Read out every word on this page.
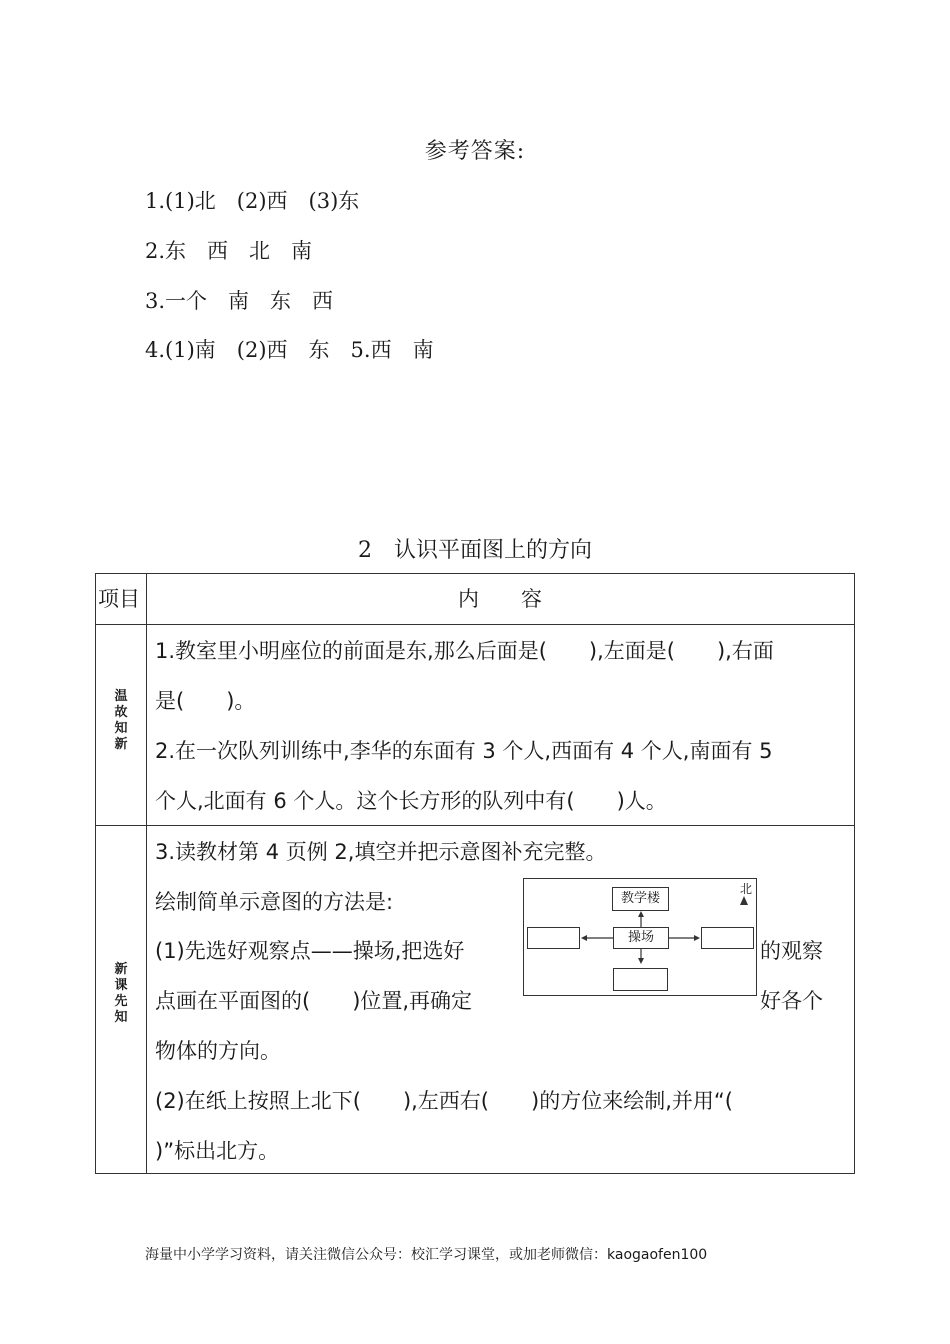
参考答案:
1.(1)北　(2)西　(3)东
2.东　西　北　南
3.一个　南　东　西
4.(1)南　(2)西　东　5.西　南
2　认识平面图上的方向
项目	内　　容
温
故
知
新
1.教室里小明座位的前面是东,那么后面是(　　),左面是(　　),右面
是(　　)。
2.在一次队列训练中,李华的东面有 3 个人,西面有 4 个人,南面有 5
个人,北面有 6 个人。这个长方形的队列中有(　　)人。
新
课
先
知
3.读教材第 4 页例 2,填空并把示意图补充完整。
绘制简单示意图的方法是:
(1)先选好观察点——操场,把选好	的观察
点画在平面图的(　　)位置,再确定	好各个
物体的方向。
(2)在纸上按照上北下(　　),左西右(　　)的方位来绘制,并用“(
)”标出北方。
北
教学楼
操场
海量中小学学习资料，请关注微信公众号：校汇学习课堂，或加老师微信：kaogaofen100
